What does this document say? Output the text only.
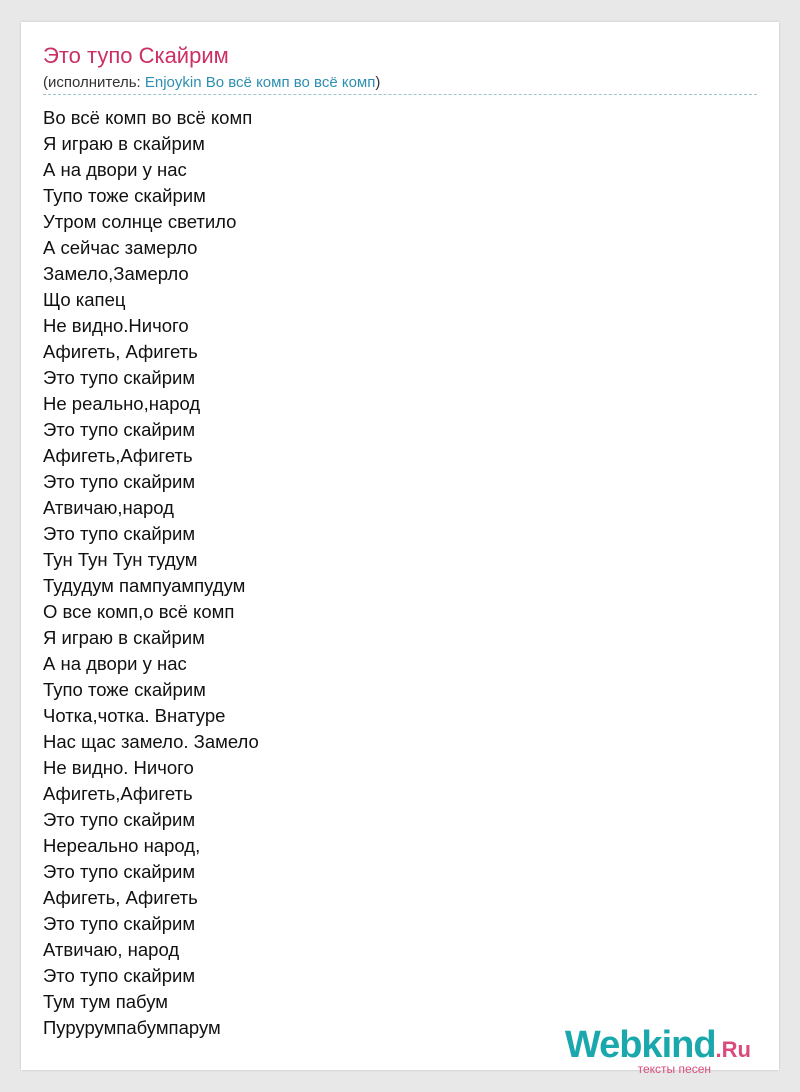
Это тупо Скайрим
(исполнитель: Enjoykin Во всё комп во всё комп)
Во всё комп во всё комп
Я играю в скайрим
А на двори у нас
Тупо тоже скайрим
Утром солнце светило
А сейчас замерло
Замело,Замерло
Що капец
Не видно.Ничого
Афигеть, Афигеть
Это тупо скайрим
Не реально,народ
Это тупо скайрим
Афигеть,Афигеть
Это тупо скайрим
Атвичаю,народ
Это тупо скайрим
Тун Тун Тун тудум
Тудудум пампуампудум
О все комп,о всё комп
Я играю в скайрим
А на двори у нас
Тупо тоже скайрим
Чотка,чотка. Внатуре
Нас щас замело. Замело
Не видно. Ничого
Афигеть,Афигеть
Это тупо скайрим
Нереально народ,
Это тупо скайрим
Афигеть, Афигеть
Это тупо скайрим
Атвичаю, народ
Это тупо скайрим
Тум тум пабум
Пурурумпабумпарум	Webkind.Ru
тексты песен
